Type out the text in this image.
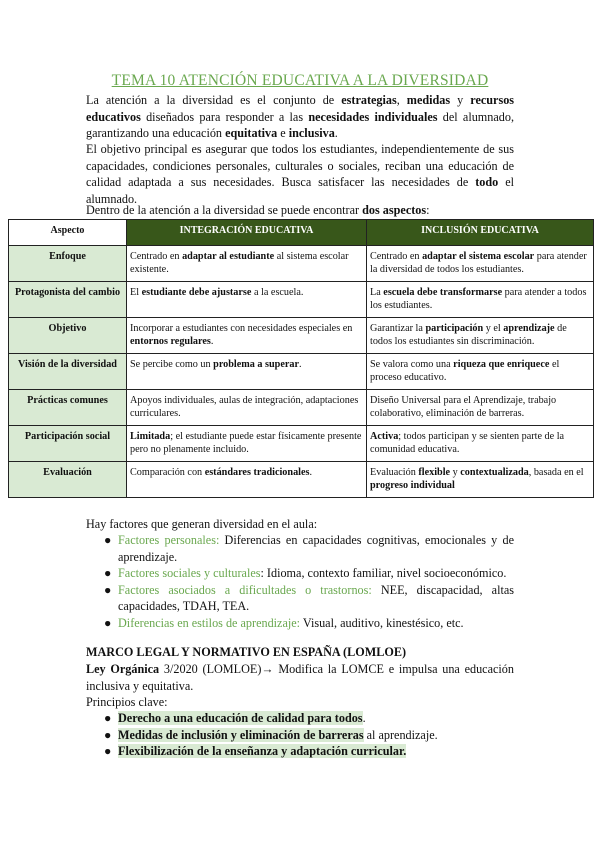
TEMA 10 ATENCIÓN EDUCATIVA A LA DIVERSIDAD
La atención a la diversidad es el conjunto de estrategias, medidas y recursos educativos diseñados para responder a las necesidades individuales del alumnado, garantizando una educación equitativa e inclusiva.
El objetivo principal es asegurar que todos los estudiantes, independientemente de sus capacidades, condiciones personales, culturales o sociales, reciban una educación de calidad adaptada a sus necesidades. Busca satisfacer las necesidades de todo el alumnado.
Dentro de la atención a la diversidad se puede encontrar dos aspectos:
Aspecto	INTEGRACIÓN EDUCATIVA	INCLUSIÓN EDUCATIVA
Enfoque	Centrado en adaptar al estudiante al sistema escolar existente.	Centrado en adaptar el sistema escolar para atender la diversidad de todos los estudiantes.
Protagonista del cambio	El estudiante debe ajustarse a la escuela.	La escuela debe transformarse para atender a todos los estudiantes.
Objetivo	Incorporar a estudiantes con necesidades especiales en entornos regulares.	Garantizar la participación y el aprendizaje de todos los estudiantes sin discriminación.
Visión de la diversidad	Se percibe como un problema a superar.	Se valora como una riqueza que enriquece el proceso educativo.
Prácticas comunes	Apoyos individuales, aulas de integración, adaptaciones curriculares.	Diseño Universal para el Aprendizaje, trabajo colaborativo, eliminación de barreras.
Participación social	Limitada; el estudiante puede estar físicamente presente pero no plenamente incluido.	Activa; todos participan y se sienten parte de la comunidad educativa.
Evaluación	Comparación con estándares tradicionales.	Evaluación flexible y contextualizada, basada en el progreso individual
Hay factores que generan diversidad en el aula:
● Factores personales: Diferencias en capacidades cognitivas, emocionales y de aprendizaje.
● Factores sociales y culturales: Idioma, contexto familiar, nivel socioeconómico.
● Factores asociados a dificultades o trastornos: NEE, discapacidad, altas capacidades, TDAH, TEA.
● Diferencias en estilos de aprendizaje: Visual, auditivo, kinestésico, etc.
MARCO LEGAL Y NORMATIVO EN ESPAÑA (LOMLOE)
Ley Orgánica 3/2020 (LOMLOE)→ Modifica la LOMCE e impulsa una educación inclusiva y equitativa.
Principios clave:
● Derecho a una educación de calidad para todos.
● Medidas de inclusión y eliminación de barreras al aprendizaje.
● Flexibilización de la enseñanza y adaptación curricular.
